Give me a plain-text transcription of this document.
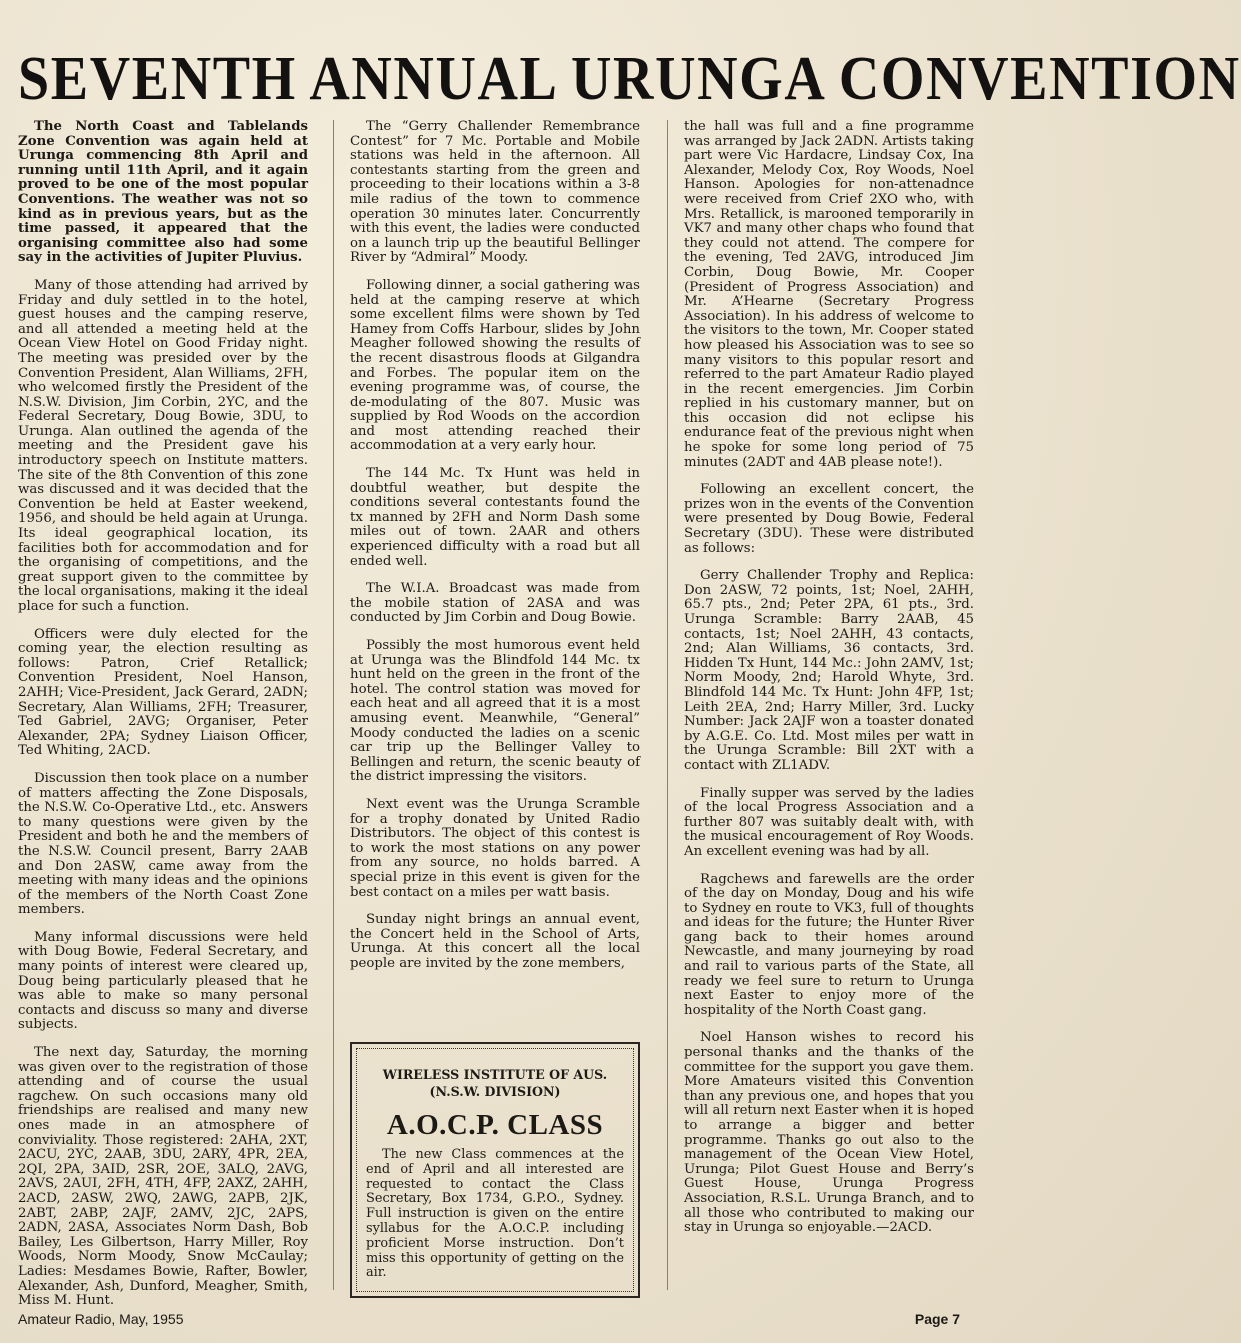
SEVENTH ANNUAL URUNGA CONVENTION

The North Coast and Tablelands Zone Convention was again held at Urunga commencing 8th April and running until 11th April, and it again proved to be one of the most popular Conventions. The weather was not so kind as in previous years, but as the time passed, it appeared that the organising committee also had some say in the activities of Jupiter Pluvius.

Many of those attending had arrived by Friday and duly settled in to the hotel, guest houses and the camping reserve, and all attended a meeting held at the Ocean View Hotel on Good Friday night. The meeting was presided over by the Convention President, Alan Williams, 2FH, who welcomed firstly the President of the N.S.W. Division, Jim Corbin, 2YC, and the Federal Secretary, Doug Bowie, 3DU, to Urunga. Alan outlined the agenda of the meeting and the President gave his introductory speech on Institute matters. The site of the 8th Convention of this zone was discussed and it was decided that the Convention be held at Easter weekend, 1956, and should be held again at Urunga. Its ideal geographical location, its facilities both for accommodation and for the organising of competitions, and the great support given to the committee by the local organisations, making it the ideal place for such a function.

Officers were duly elected for the coming year, the election resulting as follows: Patron, Crief Retallick; Convention President, Noel Hanson, 2AHH; Vice-President, Jack Gerard, 2ADN; Secretary, Alan Williams, 2FH; Treasurer, Ted Gabriel, 2AVG; Organiser, Peter Alexander, 2PA; Sydney Liaison Officer, Ted Whiting, 2ACD.

Discussion then took place on a number of matters affecting the Zone Disposals, the N.S.W. Co-Operative Ltd., etc. Answers to many questions were given by the President and both he and the members of the N.S.W. Council present, Barry 2AAB and Don 2ASW, came away from the meeting with many ideas and the opinions of the members of the North Coast Zone members.

Many informal discussions were held with Doug Bowie, Federal Secretary, and many points of interest were cleared up, Doug being particularly pleased that he was able to make so many personal contacts and discuss so many and diverse subjects.

The next day, Saturday, the morning was given over to the registration of those attending and of course the usual ragchew. On such occasions many old friendships are realised and many new ones made in an atmosphere of conviviality. Those registered: 2AHA, 2XT, 2ACU, 2YC, 2AAB, 3DU, 2ARY, 4PR, 2EA, 2QI, 2PA, 3AID, 2SR, 2OE, 3ALQ, 2AVG, 2AVS, 2AUI, 2FH, 4TH, 4FP, 2AXZ, 2AHH, 2ACD, 2ASW, 2WQ, 2AWG, 2APB, 2JK, 2ABT, 2ABP, 2AJF, 2AMV, 2JC, 2APS, 2ADN, 2ASA, Associates Norm Dash, Bob Bailey, Les Gilbertson, Harry Miller, Roy Woods, Norm Moody, Snow McCaulay; Ladies: Mesdames Bowie, Rafter, Bowler, Alexander, Ash, Dunford, Meagher, Smith, Miss M. Hunt.

The “Gerry Challender Remembrance Contest” for 7 Mc. Portable and Mobile stations was held in the afternoon. All contestants starting from the green and proceeding to their locations within a 3-8 mile radius of the town to commence operation 30 minutes later. Concurrently with this event, the ladies were conducted on a launch trip up the beautiful Bellinger River by “Admiral” Moody.

Following dinner, a social gathering was held at the camping reserve at which some excellent films were shown by Ted Hamey from Coffs Harbour, slides by John Meagher followed showing the results of the recent disastrous floods at Gilgandra and Forbes. The popular item on the evening programme was, of course, the de-modulating of the 807. Music was supplied by Rod Woods on the accordion and most attending reached their accommodation at a very early hour.

The 144 Mc. Tx Hunt was held in doubtful weather, but despite the conditions several contestants found the tx manned by 2FH and Norm Dash some miles out of town. 2AAR and others experienced difficulty with a road but all ended well.

The W.I.A. Broadcast was made from the mobile station of 2ASA and was conducted by Jim Corbin and Doug Bowie.

Possibly the most humorous event held at Urunga was the Blindfold 144 Mc. tx hunt held on the green in the front of the hotel. The control station was moved for each heat and all agreed that it is a most amusing event. Meanwhile, “General” Moody conducted the ladies on a scenic car trip up the Bellinger Valley to Bellingen and return, the scenic beauty of the district impressing the visitors.

Next event was the Urunga Scramble for a trophy donated by United Radio Distributors. The object of this contest is to work the most stations on any power from any source, no holds barred. A special prize in this event is given for the best contact on a miles per watt basis.

Sunday night brings an annual event, the Concert held in the School of Arts, Urunga. At this concert all the local people are invited by the zone members,

WIRELESS INSTITUTE OF AUS.
(N.S.W. DIVISION)
A.O.C.P. CLASS
The new Class commences at the end of April and all interested are requested to contact the Class Secretary, Box 1734, G.P.O., Sydney. Full instruction is given on the entire syllabus for the A.O.C.P. including proficient Morse instruction. Don’t miss this opportunity of getting on the air.

the hall was full and a fine programme was arranged by Jack 2ADN. Artists taking part were Vic Hardacre, Lindsay Cox, Ina Alexander, Melody Cox, Roy Woods, Noel Hanson. Apologies for non-attenadnce were received from Crief 2XO who, with Mrs. Retallick, is marooned temporarily in VK7 and many other chaps who found that they could not attend. The compere for the evening, Ted 2AVG, introduced Jim Corbin, Doug Bowie, Mr. Cooper (President of Progress Association) and Mr. A’Hearne (Secretary Progress Association). In his address of welcome to the visitors to the town, Mr. Cooper stated how pleased his Association was to see so many visitors to this popular resort and referred to the part Amateur Radio played in the recent emergencies. Jim Corbin replied in his customary manner, but on this occasion did not eclipse his endurance feat of the previous night when he spoke for some long period of 75 minutes (2ADT and 4AB please note!).

Following an excellent concert, the prizes won in the events of the Convention were presented by Doug Bowie, Federal Secretary (3DU). These were distributed as follows:

Gerry Challender Trophy and Replica: Don 2ASW, 72 points, 1st; Noel, 2AHH, 65.7 pts., 2nd; Peter 2PA, 61 pts., 3rd. Urunga Scramble: Barry 2AAB, 45 contacts, 1st; Noel 2AHH, 43 contacts, 2nd; Alan Williams, 36 contacts, 3rd. Hidden Tx Hunt, 144 Mc.: John 2AMV, 1st; Norm Moody, 2nd; Harold Whyte, 3rd. Blindfold 144 Mc. Tx Hunt: John 4FP, 1st; Leith 2EA, 2nd; Harry Miller, 3rd. Lucky Number: Jack 2AJF won a toaster donated by A.G.E. Co. Ltd. Most miles per watt in the Urunga Scramble: Bill 2XT with a contact with ZL1ADV.

Finally supper was served by the ladies of the local Progress Association and a further 807 was suitably dealt with, with the musical encouragement of Roy Woods. An excellent evening was had by all.

Ragchews and farewells are the order of the day on Monday, Doug and his wife to Sydney en route to VK3, full of thoughts and ideas for the future; the Hunter River gang back to their homes around Newcastle, and many journeying by road and rail to various parts of the State, all ready we feel sure to return to Urunga next Easter to enjoy more of the hospitality of the North Coast gang.

Noel Hanson wishes to record his personal thanks and the thanks of the committee for the support you gave them. More Amateurs visited this Convention than any previous one, and hopes that you will all return next Easter when it is hoped to arrange a bigger and better programme. Thanks go out also to the management of the Ocean View Hotel, Urunga; Pilot Guest House and Berry’s Guest House, Urunga Progress Association, R.S.L. Urunga Branch, and to all those who contributed to making our stay in Urunga so enjoyable.—2ACD.

Amateur Radio, May, 1955	Page 7
